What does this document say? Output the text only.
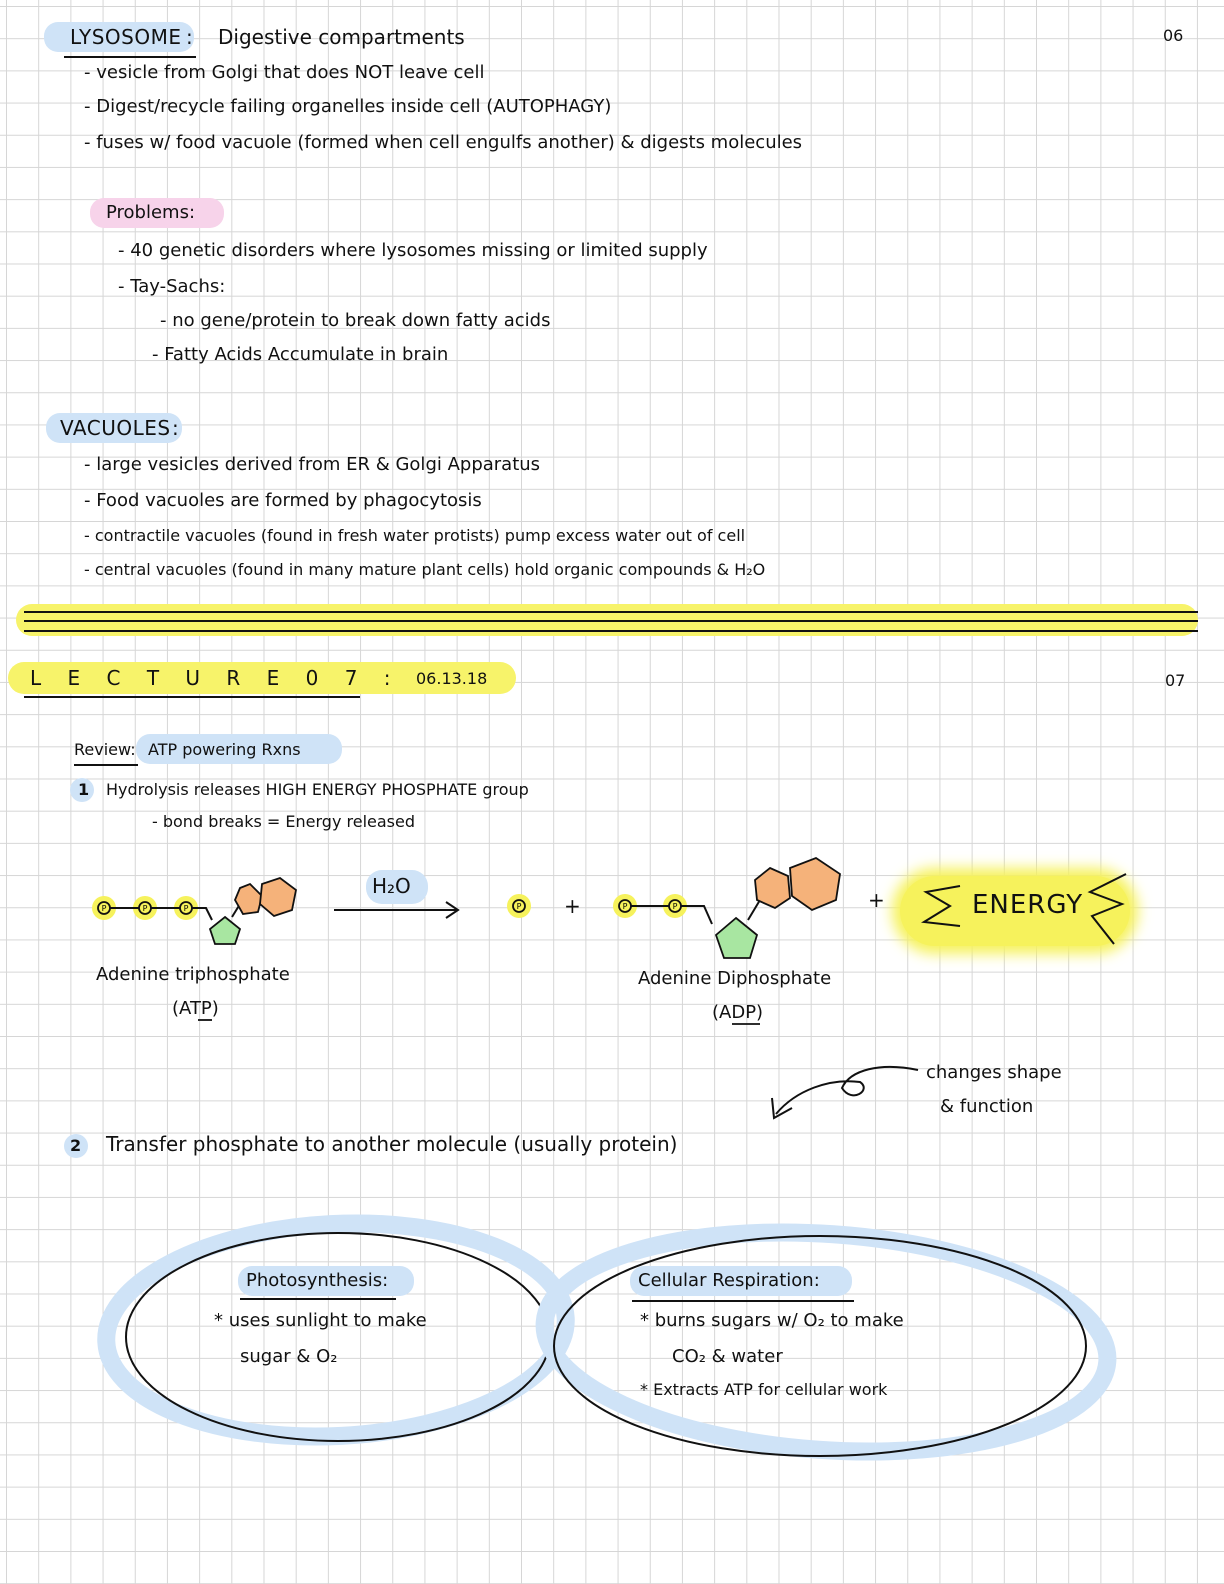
06
LYSOSOME : Digestive compartments
- vesicle from Golgi that does NOT leave cell
- Digest/recycle failing organelles inside cell (AUTOPHAGY)
- fuses w/ food vacuole (formed when cell engulfs another) & digests molecules
Problems:
- 40 genetic disorders where lysosomes missing or limited supply
- Tay-Sachs:
- no gene/protein to break down fatty acids
- Fatty Acids Accumulate in brain
VACUOLES :
- large vesicles derived from ER & Golgi Apparatus
- Food vacuoles are formed by phagocytosis
- contractile vacuoles (found in fresh water protists) pump excess water out of cell
- central vacuoles (found in many mature plant cells) hold organic compounds & H₂O
L E C T U R E 0 7 : 06.13.18	07
Review: ATP powering Rxns
1 Hydrolysis releases HIGH ENERGY PHOSPHATE group
- bond breaks = Energy released
H₂O
P	P	P	P	P	P
+	+	ENERGY
Adenine triphosphate
(ATP)
Adenine Diphosphate
(ADP)
changes shape
& function
2 Transfer phosphate to another molecule (usually protein)
Photosynthesis:
* uses sunlight to make
sugar & O₂
Cellular Respiration:
* burns sugars w/ O₂ to make
CO₂ & water
* Extracts ATP for cellular work
